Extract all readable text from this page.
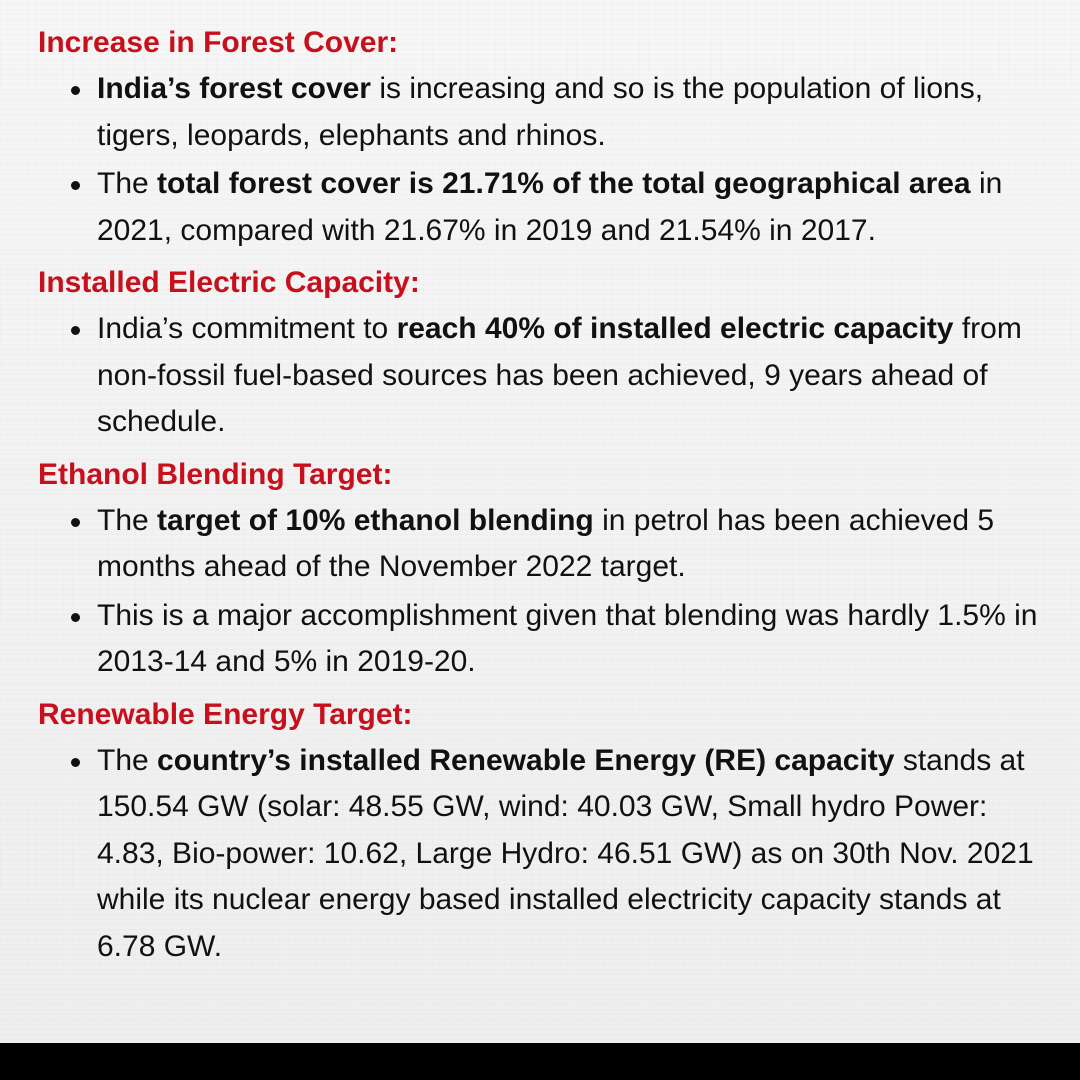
Increase in Forest Cover:
India’s forest cover is increasing and so is the population of lions, tigers, leopards, elephants and rhinos.
The total forest cover is 21.71% of the total geographical area in 2021, compared with 21.67% in 2019 and 21.54% in 2017.
Installed Electric Capacity:
India’s commitment to reach 40% of installed electric capacity from non-fossil fuel-based sources has been achieved, 9 years ahead of schedule.
Ethanol Blending Target:
The target of 10% ethanol blending in petrol has been achieved 5 months ahead of the November 2022 target.
This is a major accomplishment given that blending was hardly 1.5% in 2013-14 and 5% in 2019-20.
Renewable Energy Target:
The country’s installed Renewable Energy (RE) capacity stands at 150.54 GW (solar: 48.55 GW, wind: 40.03 GW, Small hydro Power: 4.83, Bio-power: 10.62, Large Hydro: 46.51 GW) as on 30th Nov. 2021 while its nuclear energy based installed electricity capacity stands at 6.78 GW.
